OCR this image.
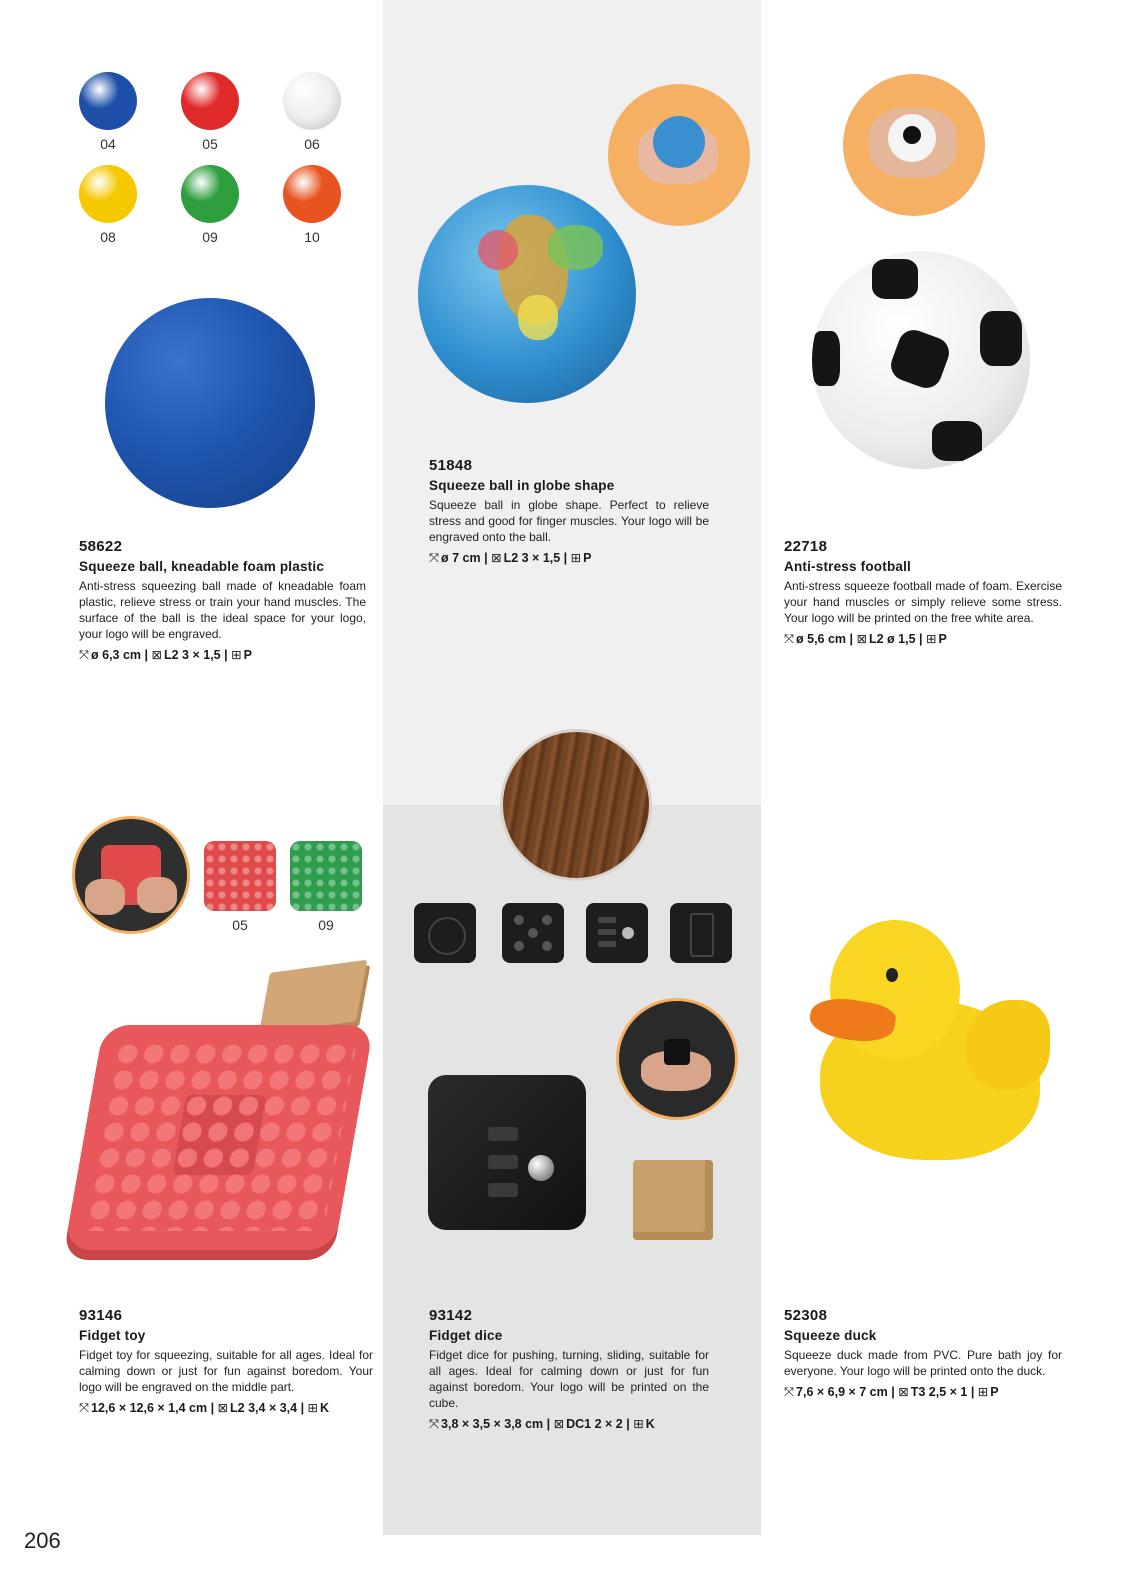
04	05	06
08	09	10
05	09
58622
Squeeze ball, kneadable foam plastic
Anti-stress squeezing ball made of kneadable foam plastic, relieve stress or train your hand muscles. The surface of the ball is the ideal space for your logo, your logo will be engraved.
⤧ ø 6,3 cm | ⊠ L2 3 × 1,5 | ⊞ P
51848
Squeeze ball in globe shape
Squeeze ball in globe shape. Perfect to relieve stress and good for finger muscles. Your logo will be engraved onto the ball.
⤧ ø 7 cm | ⊠ L2 3 × 1,5 | ⊞ P
22718
Anti-stress football
Anti-stress squeeze football made of foam. Exercise your hand muscles or simply relieve some stress. Your logo will be printed on the free white area.
⤧ ø 5,6 cm | ⊠ L2 ø 1,5 | ⊞ P
93146
Fidget toy
Fidget toy for squeezing, suitable for all ages. Ideal for calming down or just for fun against boredom. Your logo will be engraved on the middle part.
⤧ 12,6 × 12,6 × 1,4 cm | ⊠ L2 3,4 × 3,4 | ⊞ K
93142
Fidget dice
Fidget dice for pushing, turning, sliding, suitable for all ages. Ideal for calming down or just for fun against boredom. Your logo will be printed on the cube.
⤧ 3,8 × 3,5 × 3,8 cm | ⊠ DC1 2 × 2 | ⊞ K
52308
Squeeze duck
Squeeze duck made from PVC. Pure bath joy for everyone. Your logo will be printed onto the duck.
⤧ 7,6 × 6,9 × 7 cm | ⊠ T3 2,5 × 1 | ⊞ P
206
